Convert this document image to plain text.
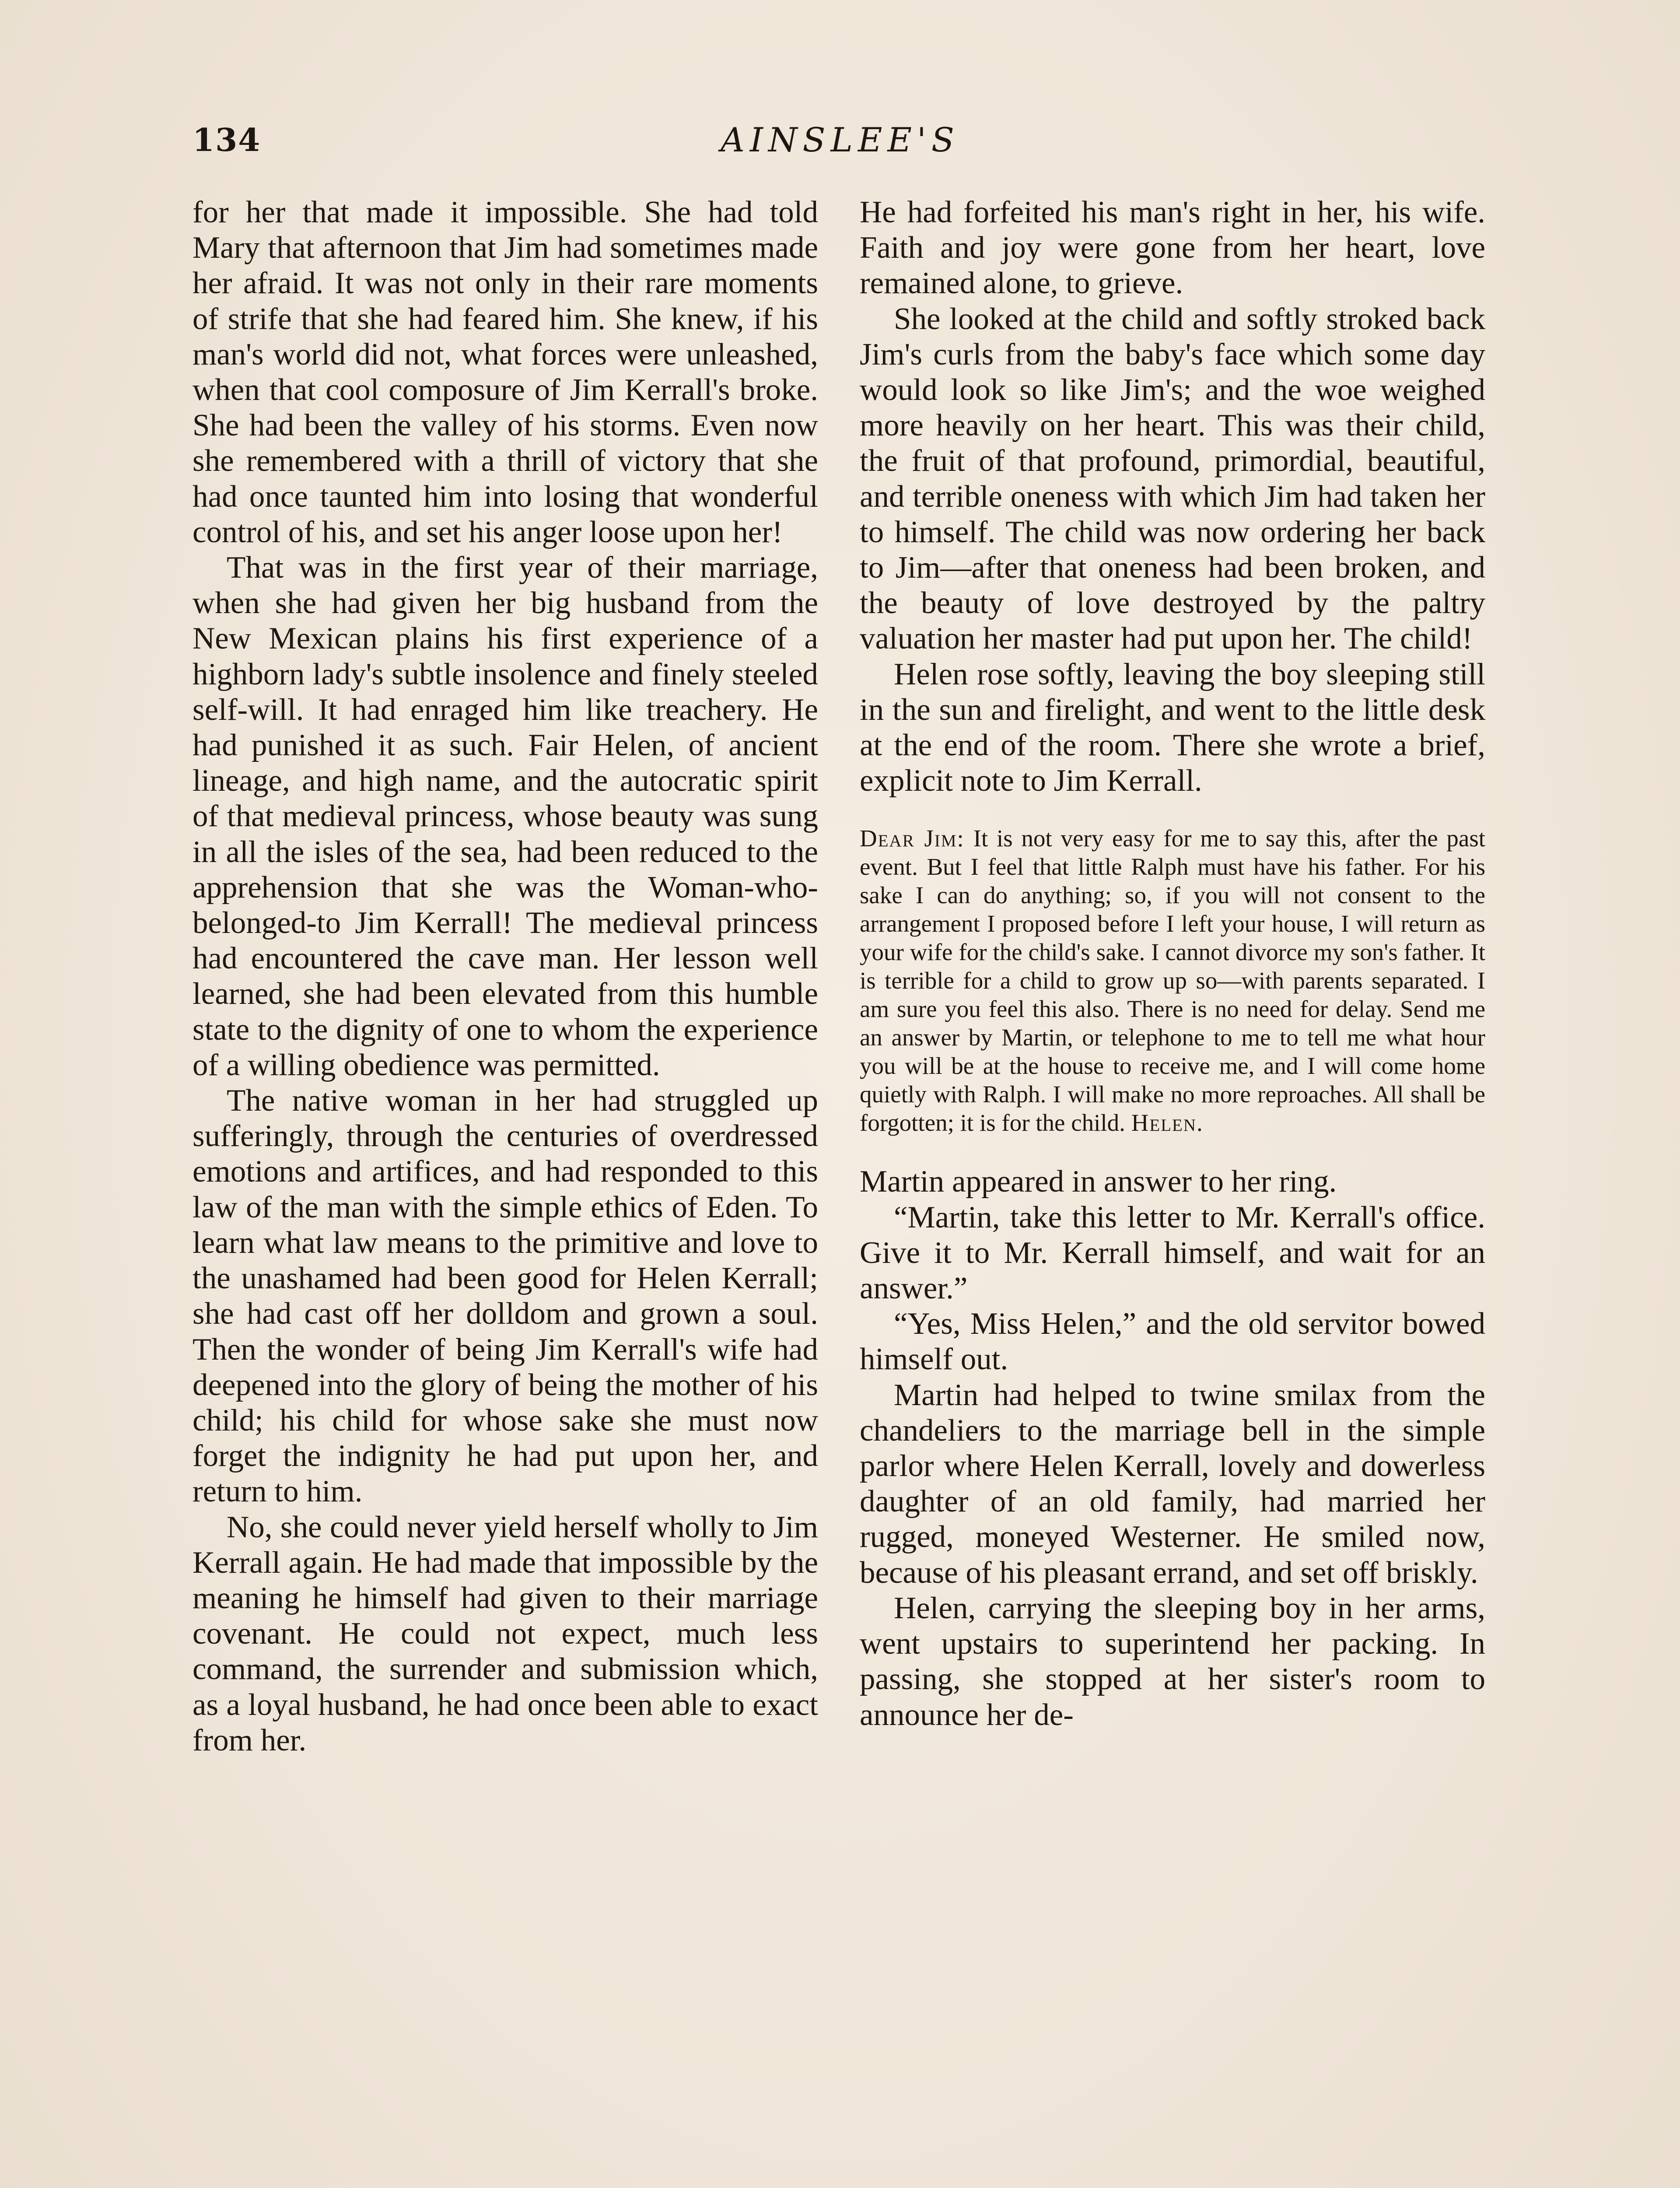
134	AINSLEE'S

for her that made it impossible. She had told Mary that afternoon that Jim had sometimes made her afraid. It was not only in their rare moments of strife that she had feared him. She knew, if his man's world did not, what forces were unleashed, when that cool composure of Jim Kerrall's broke. She had been the valley of his storms. Even now she remembered with a thrill of victory that she had once taunted him into losing that wonderful control of his, and set his anger loose upon her!

That was in the first year of their marriage, when she had given her big husband from the New Mexican plains his first experience of a highborn lady's subtle insolence and finely steeled self-will. It had enraged him like treachery. He had punished it as such. Fair Helen, of ancient lineage, and high name, and the autocratic spirit of that medieval princess, whose beauty was sung in all the isles of the sea, had been reduced to the apprehension that she was the Woman-who-belonged-to Jim Kerrall! The medieval princess had encountered the cave man. Her lesson well learned, she had been elevated from this humble state to the dignity of one to whom the experience of a willing obedience was permitted.

The native woman in her had struggled up sufferingly, through the centuries of overdressed emotions and artifices, and had responded to this law of the man with the simple ethics of Eden. To learn what law means to the primitive and love to the unashamed had been good for Helen Kerrall; she had cast off her dolldom and grown a soul. Then the wonder of being Jim Kerrall's wife had deepened into the glory of being the mother of his child; his child for whose sake she must now forget the indignity he had put upon her, and return to him.

No, she could never yield herself wholly to Jim Kerrall again. He had made that impossible by the meaning he himself had given to their marriage covenant. He could not expect, much less command, the surrender and submission which, as a loyal husband, he had once been able to exact from her.

He had forfeited his man's right in her, his wife. Faith and joy were gone from her heart, love remained alone, to grieve.

She looked at the child and softly stroked back Jim's curls from the baby's face which some day would look so like Jim's; and the woe weighed more heavily on her heart. This was their child, the fruit of that profound, primordial, beautiful, and terrible oneness with which Jim had taken her to himself. The child was now ordering her back to Jim—after that oneness had been broken, and the beauty of love destroyed by the paltry valuation her master had put upon her. The child!

Helen rose softly, leaving the boy sleeping still in the sun and firelight, and went to the little desk at the end of the room. There she wrote a brief, explicit note to Jim Kerrall.

Dear Jim: It is not very easy for me to say this, after the past event. But I feel that little Ralph must have his father. For his sake I can do anything; so, if you will not consent to the arrangement I proposed before I left your house, I will return as your wife for the child's sake. I cannot divorce my son's father. It is terrible for a child to grow up so—with parents separated. I am sure you feel this also. There is no need for delay. Send me an answer by Martin, or telephone to me to tell me what hour you will be at the house to receive me, and I will come home quietly with Ralph. I will make no more reproaches. All shall be forgotten; it is for the child. Helen.

Martin appeared in answer to her ring.

“Martin, take this letter to Mr. Kerrall's office. Give it to Mr. Kerrall himself, and wait for an answer.”

“Yes, Miss Helen,” and the old servitor bowed himself out.

Martin had helped to twine smilax from the chandeliers to the marriage bell in the simple parlor where Helen Kerrall, lovely and dowerless daughter of an old family, had married her rugged, moneyed Westerner. He smiled now, because of his pleasant errand, and set off briskly.

Helen, carrying the sleeping boy in her arms, went upstairs to superintend her packing. In passing, she stopped at her sister's room to announce her de-
